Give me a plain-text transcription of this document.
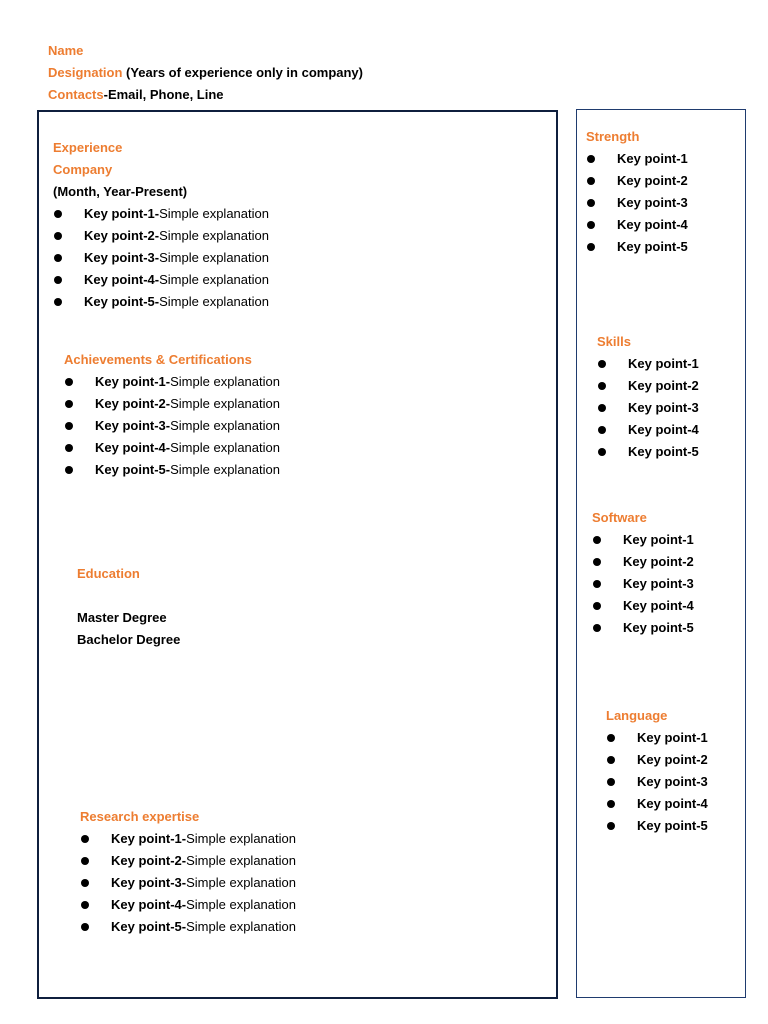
Name
Designation (Years of experience only in company)
Contacts-Email, Phone, Line
Experience
Company
(Month, Year-Present)
Key point-1-Simple explanation
Key point-2-Simple explanation
Key point-3-Simple explanation
Key point-4-Simple explanation
Key point-5-Simple explanation
Achievements & Certifications
Key point-1-Simple explanation
Key point-2-Simple explanation
Key point-3-Simple explanation
Key point-4-Simple explanation
Key point-5-Simple explanation
Education
Master Degree
Bachelor Degree
Research expertise
Key point-1-Simple explanation
Key point-2-Simple explanation
Key point-3-Simple explanation
Key point-4-Simple explanation
Key point-5-Simple explanation
Strength
Key point-1
Key point-2
Key point-3
Key point-4
Key point-5
Skills
Key point-1
Key point-2
Key point-3
Key point-4
Key point-5
Software
Key point-1
Key point-2
Key point-3
Key point-4
Key point-5
Language
Key point-1
Key point-2
Key point-3
Key point-4
Key point-5
